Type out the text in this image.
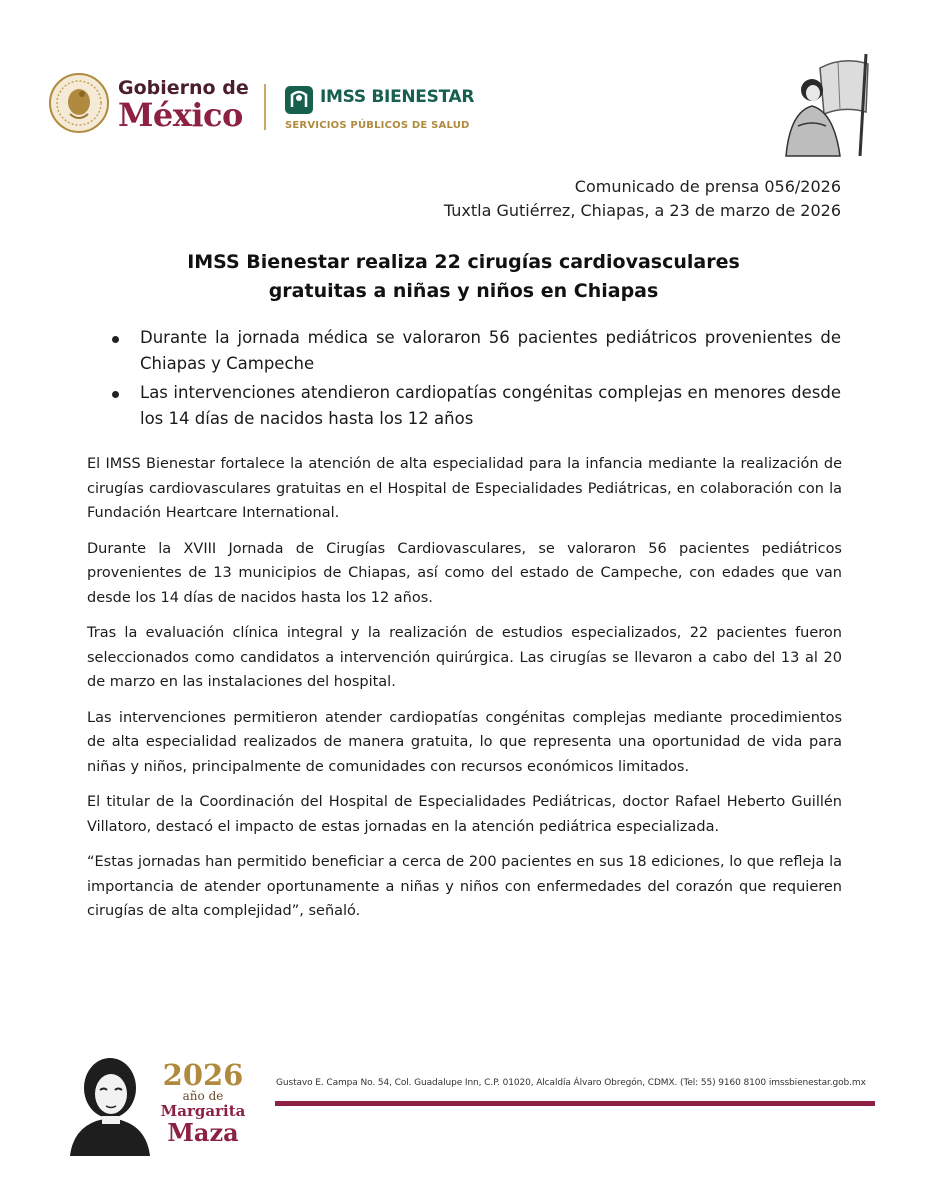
Gobierno de
México	IMSS BIENESTAR
SERVICIOS PÚBLICOS DE SALUD
Comunicado de prensa 056/2026
Tuxtla Gutiérrez, Chiapas, a 23 de marzo de 2026
IMSS Bienestar realiza 22 cirugías cardiovasculares
gratuitas a niñas y niños en Chiapas
Durante la jornada médica se valoraron 56 pacientes pediátricos provenientes de Chiapas y Campeche
Las intervenciones atendieron cardiopatías congénitas complejas en menores desde los 14 días de nacidos hasta los 12 años

El IMSS Bienestar fortalece la atención de alta especialidad para la infancia mediante la realización de cirugías cardiovasculares gratuitas en el Hospital de Especialidades Pediátricas, en colaboración con la Fundación Heartcare International.

Durante la XVIII Jornada de Cirugías Cardiovasculares, se valoraron 56 pacientes pediátricos provenientes de 13 municipios de Chiapas, así como del estado de Campeche, con edades que van desde los 14 días de nacidos hasta los 12 años.

Tras la evaluación clínica integral y la realización de estudios especializados, 22 pacientes fueron seleccionados como candidatos a intervención quirúrgica. Las cirugías se llevaron a cabo del 13 al 20 de marzo en las instalaciones del hospital.

Las intervenciones permitieron atender cardiopatías congénitas complejas mediante procedimientos de alta especialidad realizados de manera gratuita, lo que representa una oportunidad de vida para niñas y niños, principalmente de comunidades con recursos económicos limitados.

El titular de la Coordinación del Hospital de Especialidades Pediátricas, doctor Rafael Heberto Guillén Villatoro, destacó el impacto de estas jornadas en la atención pediátrica especializada.

“Estas jornadas han permitido beneficiar a cerca de 200 pacientes en sus 18 ediciones, lo que refleja la importancia de atender oportunamente a niñas y niños con enfermedades del corazón que requieren cirugías de alta complejidad”, señaló.

2026
año de
Margarita
Maza
Gustavo E. Campa No. 54, Col. Guadalupe Inn, C.P. 01020, Alcaldía Álvaro Obregón, CDMX. (Tel: 55) 9160 8100 imssbienestar.gob.mx
